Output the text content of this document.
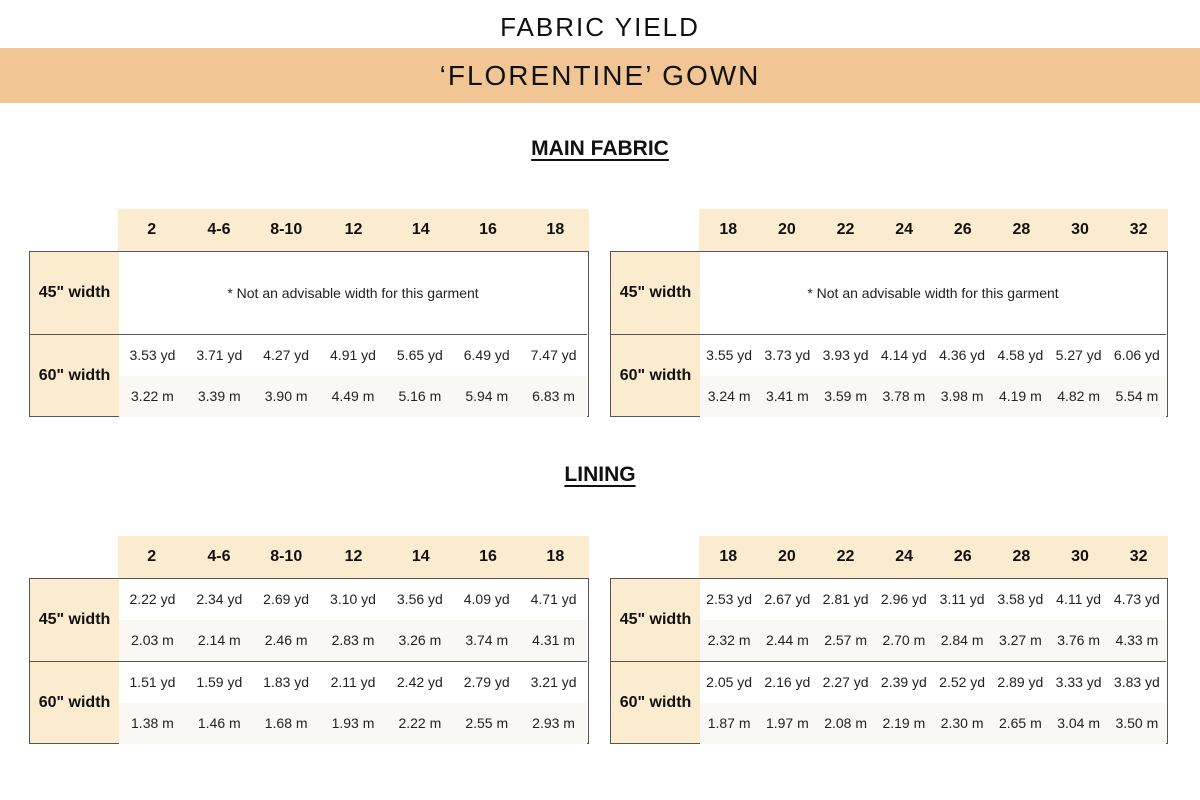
FABRIC YIELD
‘FLORENTINE’ GOWN
MAIN FABRIC
LINING
2	4-6	8-10	12	14	16	18
45" width	* Not an advisable width for this garment
60" width
3.53 yd	3.71 yd	4.27 yd	4.91 yd	5.65 yd	6.49 yd	7.47 yd
3.22 m	3.39 m	3.90 m	4.49 m	5.16 m	5.94 m	6.83 m
18	20	22	24	26	28	30	32
45" width	* Not an advisable width for this garment
60" width
3.55 yd 3.73 yd 3.93 yd 4.14 yd 4.36 yd 4.58 yd 5.27 yd 6.06 yd
3.24 m	3.41 m	3.59 m	3.78 m	3.98 m	4.19 m	4.82 m	5.54 m
2	4-6	8-10	12	14	16	18
45" width
2.22 yd	2.34 yd	2.69 yd	3.10 yd	3.56 yd	4.09 yd	4.71 yd
2.03 m	2.14 m	2.46 m	2.83 m	3.26 m	3.74 m	4.31 m
60" width
1.51 yd	1.59 yd	1.83 yd	2.11 yd	2.42 yd	2.79 yd	3.21 yd
1.38 m	1.46 m	1.68 m	1.93 m	2.22 m	2.55 m	2.93 m
18	20	22	24	26	28	30	32
45" width
2.53 yd 2.67 yd 2.81 yd 2.96 yd 3.11 yd 3.58 yd 4.11 yd 4.73 yd
2.32 m	2.44 m	2.57 m	2.70 m	2.84 m	3.27 m	3.76 m	4.33 m
60" width
2.05 yd 2.16 yd 2.27 yd 2.39 yd 2.52 yd 2.89 yd 3.33 yd 3.83 yd
1.87 m	1.97 m	2.08 m	2.19 m	2.30 m	2.65 m	3.04 m	3.50 m
